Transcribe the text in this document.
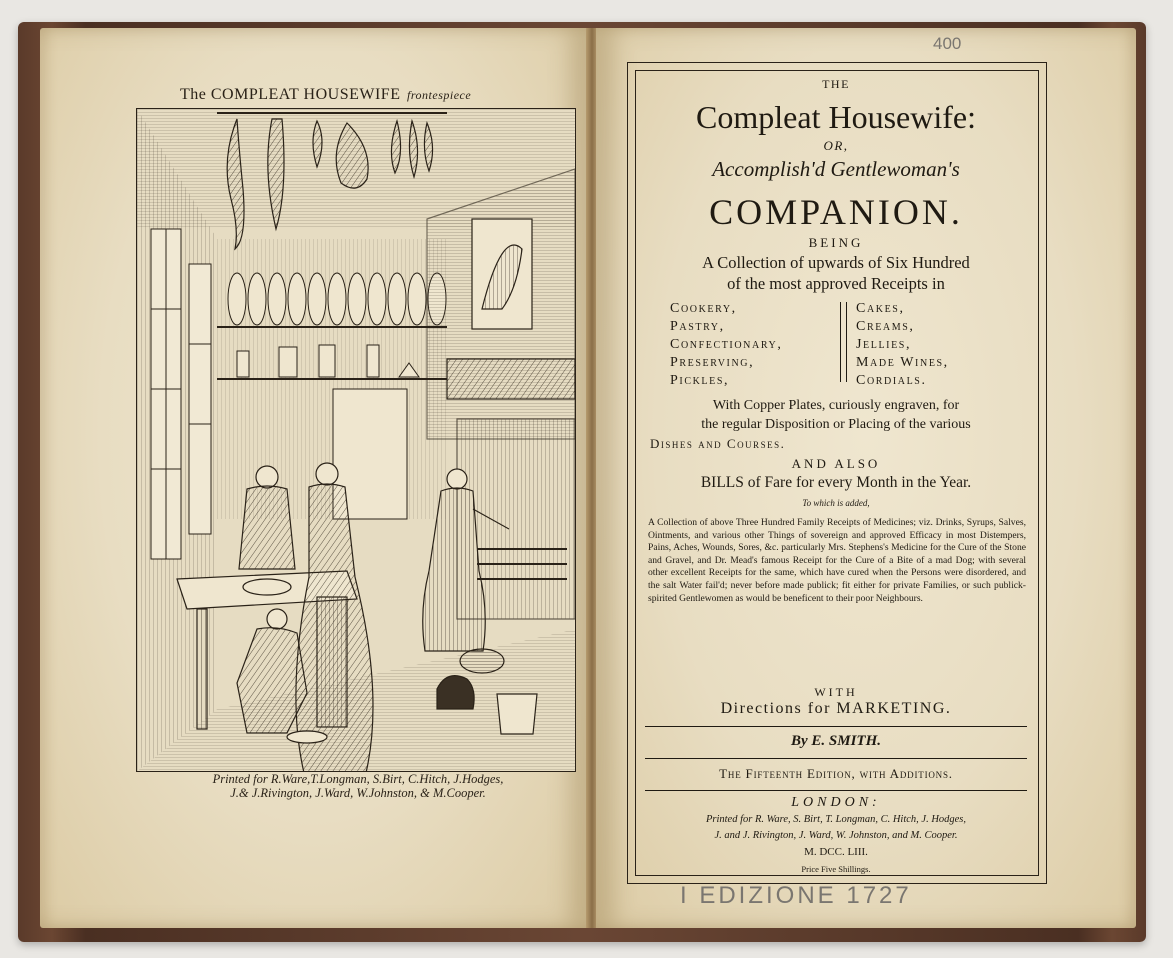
The COMPLEAT HOUSEWIFE frontespiece
Printed for R.Ware,T.Longman, S.Birt, C.Hitch, J.Hodges,
J.& J.Rivington, J.Ward, W.Johnston, & M.Cooper.
400
THE
Compleat Housewife:
OR,
Accomplish'd Gentlewoman's
COMPANION.
BEING
A Collection of upwards of Six Hundred
of the most approved Receipts in
Cookery,
Pastry,
Confectionary,
Preserving,
Pickles,
Cakes,
Creams,
Jellies,
Made Wines,
Cordials.
With Copper Plates, curiously engraven, for
the regular Disposition or Placing of the various
Dishes and Courses.
AND ALSO
BILLS of Fare for every Month in the Year.
To which is added,
A Collection of above Three Hundred Family Receipts of Medicines; viz. Drinks, Syrups, Salves, Ointments, and various other Things of sovereign and approved Efficacy in most Distempers, Pains, Aches, Wounds, Sores, &c. particularly Mrs. Stephens's Medicine for the Cure of the Stone and Gravel, and Dr. Mead's famous Receipt for the Cure of a Bite of a mad Dog; with several other excellent Receipts for the same, which have cured when the Persons were disordered, and the salt Water fail'd; never before made publick; fit either for private Families, or such publick-spirited Gentlewomen as would be beneficent to their poor Neighbours.
WITH
Directions for MARKETING.
By E. SMITH.
The Fifteenth Edition, with Additions.
LONDON:
Printed for R. Ware, S. Birt, T. Longman, C. Hitch, J. Hodges,
J. and J. Rivington, J. Ward, W. Johnston, and M. Cooper.
M. DCC. LIII.
Price Five Shillings.
I EDIZIONE 1727
